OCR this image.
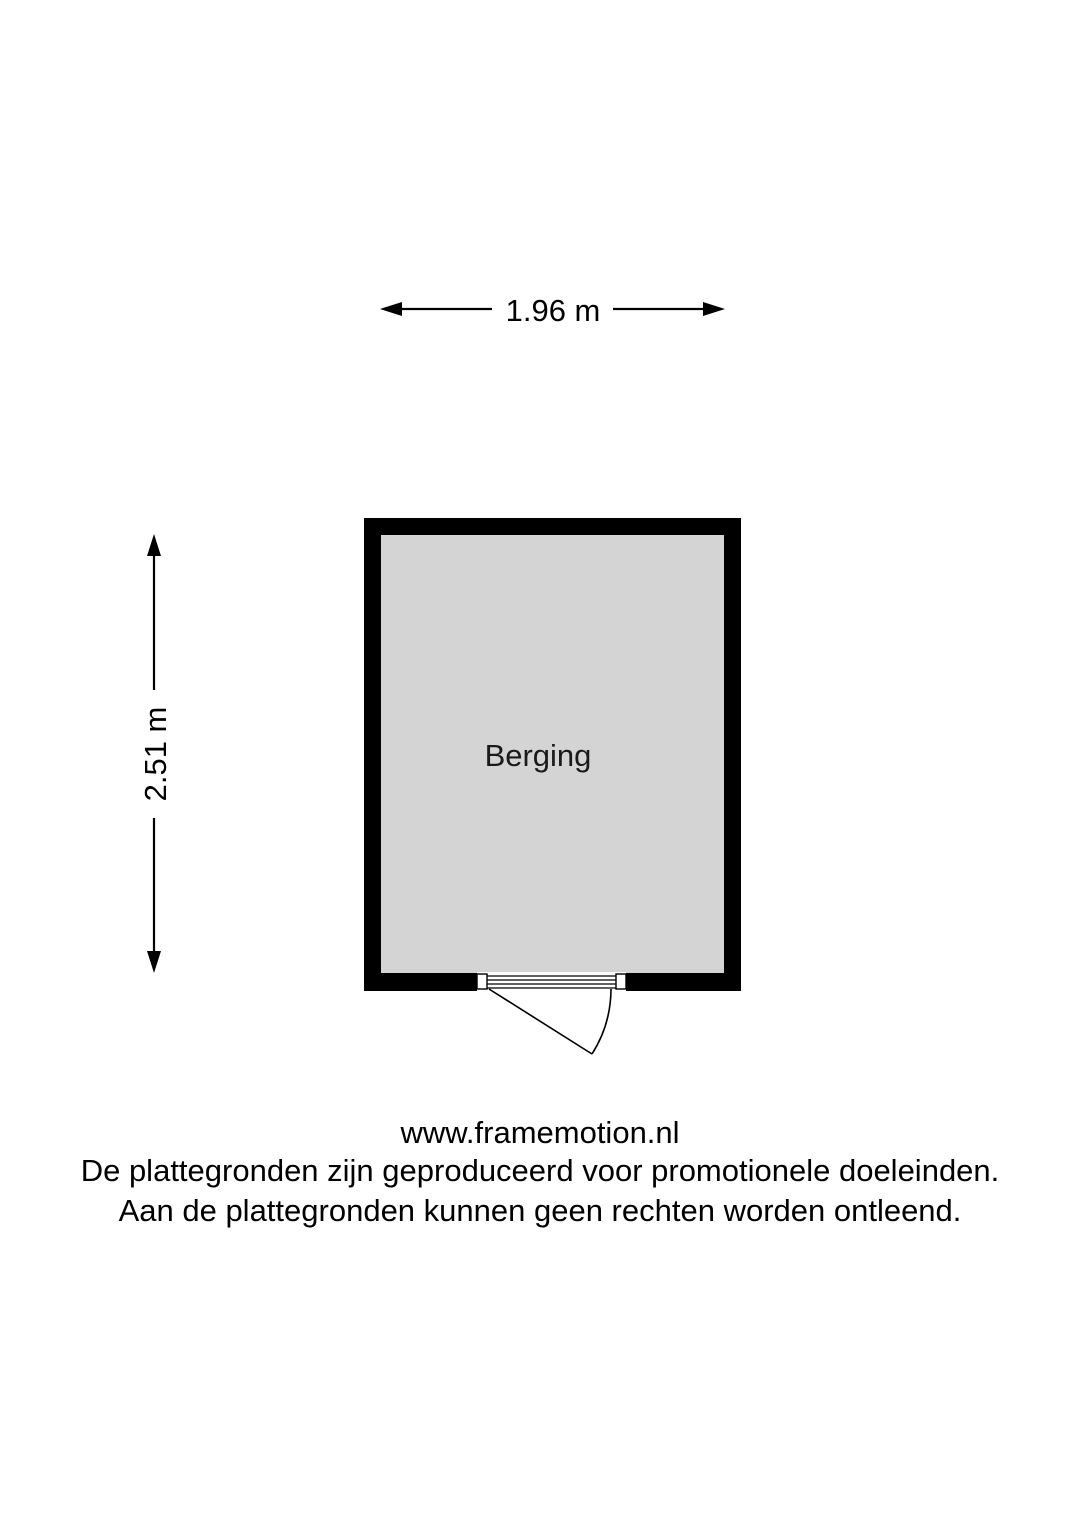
1.96 m
2.51 m	Berging
www.framemotion.nl
De plattegronden zijn geproduceerd voor promotionele doeleinden.
Aan de plattegronden kunnen geen rechten worden ontleend.
